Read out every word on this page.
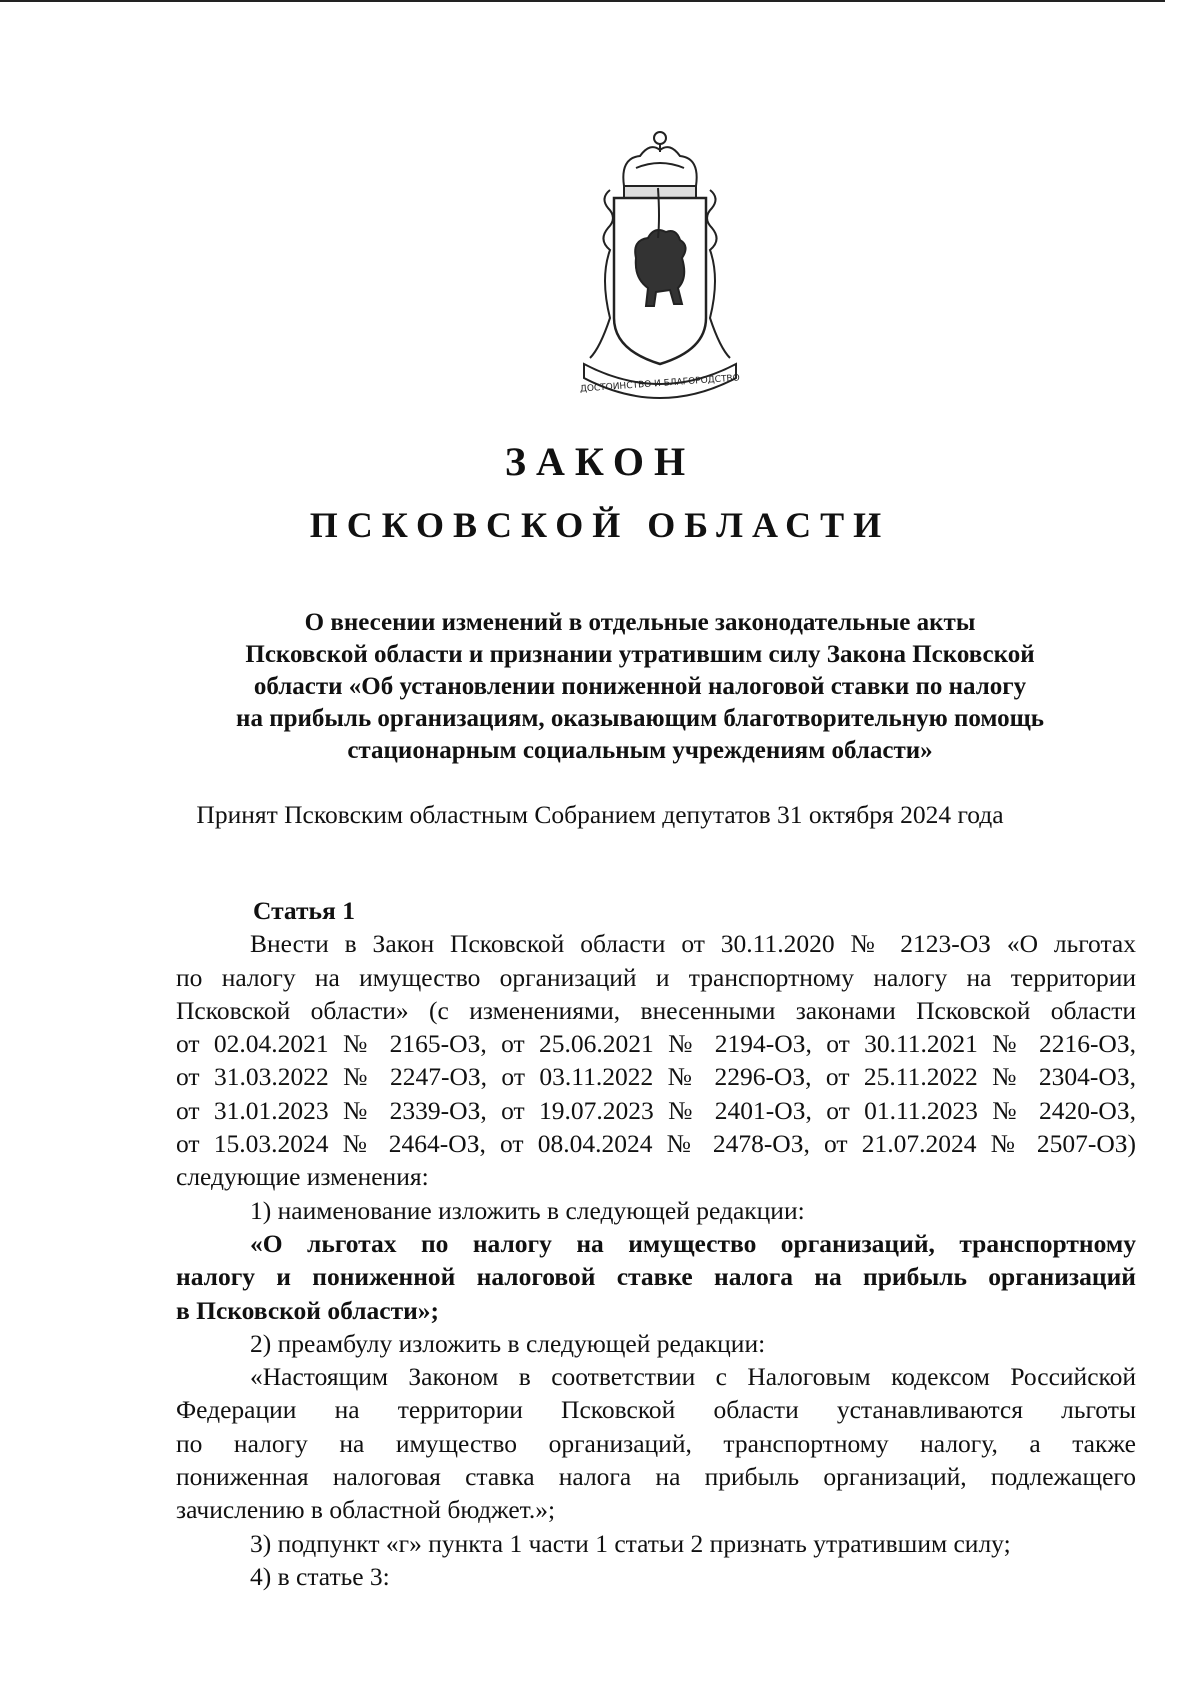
ДОСТОИНСТВО И БЛАГОРОДСТВО
ЗАКОН
ПСКОВСКОЙ ОБЛАСТИ
О внесении изменений в отдельные законодательные акты
Псковской области и признании утратившим силу Закона Псковской
области «Об установлении пониженной налоговой ставки по налогу
на прибыль организациям, оказывающим благотворительную помощь
стационарным социальным учреждениям области»
Принят Псковским областным Собранием депутатов 31 октября 2024 года
Статья 1
Внести в Закон Псковской области от 30.11.2020 № 2123-ОЗ «О льготах
по налогу на имущество организаций и транспортному налогу на территории
Псковской области» (с изменениями, внесенными законами Псковской области
от 02.04.2021 № 2165-ОЗ, от 25.06.2021 № 2194-ОЗ, от 30.11.2021 № 2216-ОЗ,
от 31.03.2022 № 2247-ОЗ, от 03.11.2022 № 2296-ОЗ, от 25.11.2022 № 2304-ОЗ,
от 31.01.2023 № 2339-ОЗ, от 19.07.2023 № 2401-ОЗ, от 01.11.2023 № 2420-ОЗ,
от 15.03.2024 № 2464-ОЗ, от 08.04.2024 № 2478-ОЗ, от 21.07.2024 № 2507-ОЗ)
следующие изменения:
1) наименование изложить в следующей редакции:
«О льготах по налогу на имущество организаций, транспортному
налогу и пониженной налоговой ставке налога на прибыль организаций
в Псковской области»;
2) преамбулу изложить в следующей редакции:
«Настоящим Законом в соответствии с Налоговым кодексом Российской
Федерации на территории Псковской области устанавливаются льготы
по налогу на имущество организаций, транспортному налогу, а также
пониженная налоговая ставка налога на прибыль организаций, подлежащего
зачислению в областной бюджет.»;
3) подпункт «г» пункта 1 части 1 статьи 2 признать утратившим силу;
4) в статье 3:
